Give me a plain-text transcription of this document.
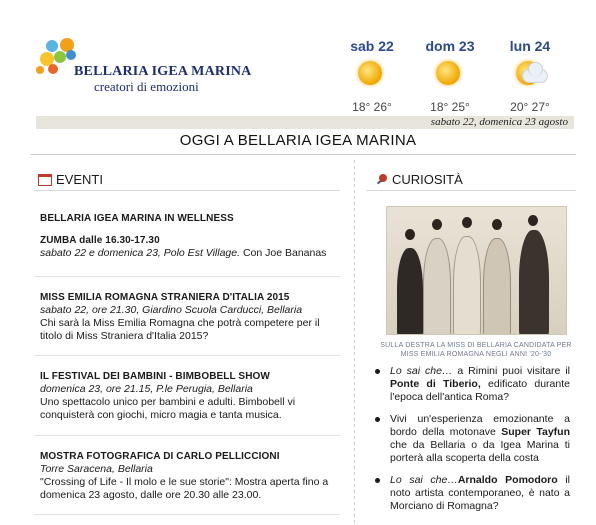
BELLARIA IGEA MARINA
creatori di emozioni
sab 22
18° 26°
dom 23
18° 25°
lun 24
20° 27°
sabato 22, domenica 23 agosto
OGGI A BELLARIA IGEA MARINA
EVENTI
BELLARIA IGEA MARINA IN WELLNESS
ZUMBA dalle 16.30-17.30
sabato 22 e domenica 23, Polo Est Village. Con Joe Bananas
MISS EMILIA ROMAGNA STRANIERA D'ITALIA 2015
sabato 22, ore 21.30, Giardino Scuola Carducci, Bellaria
Chi sarà la Miss Emilia Romagna che potrà competere per il titolo di Miss Straniera d'Italia 2015?
IL FESTIVAL DEI BAMBINI - BIMBOBELL SHOW
domenica 23, ore 21.15, P.le Perugia, Bellaria
Uno spettacolo unico per bambini e adulti. Bimbobell vi conquisterà con giochi, micro magia e tanta musica.
MOSTRA FOTOGRAFICA DI CARLO PELLICCIONI
Torre Saracena, Bellaria
"Crossing of Life - Il molo e le sue storie": Mostra aperta fino a domenica 23 agosto, dalle ore 20.30 alle 23.00.
CURIOSITÀ
SULLA DESTRA LA MISS DI BELLARIA CANDIDATA PER MISS EMILIA ROMAGNA NEGLI ANNI '20-'30
Lo sai che… a Rimini puoi visitare il Ponte di Tiberio, edificato durante l'epoca dell'antica Roma?
Vivi un'esperienza emozionante a bordo della motonave Super Tayfun che da Bellaria o da Igea Marina ti porterà alla scoperta della costa
Lo sai che…Arnaldo Pomodoro il noto artista contemporaneo, è nato a Morciano di Romagna?
